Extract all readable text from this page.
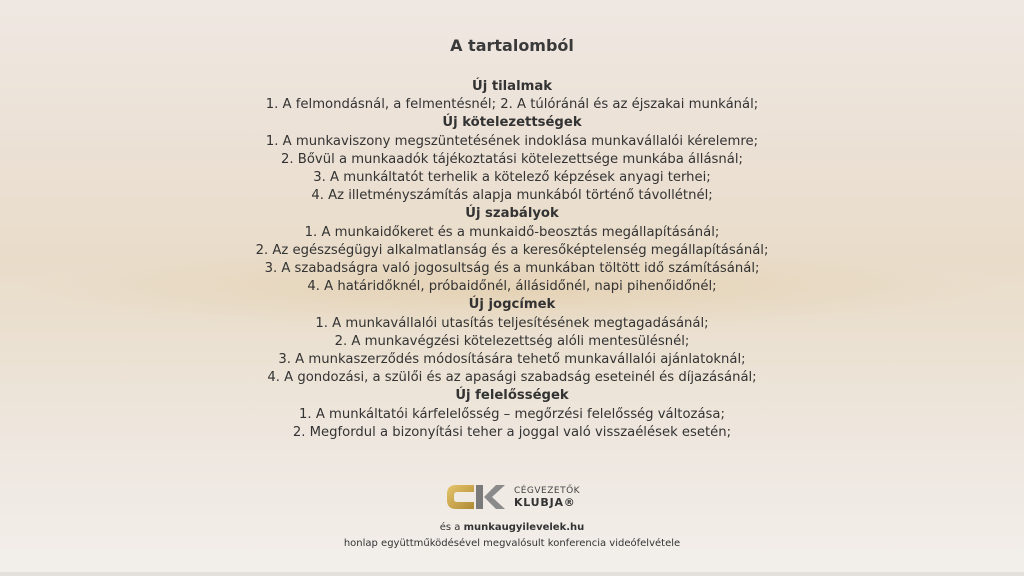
A tartalomból
Új tilalmak
1. A felmondásnál, a felmentésnél; 2. A túlóránál és az éjszakai munkánál;
Új kötelezettségek
1. A munkaviszony megszüntetésének indoklása munkavállalói kérelemre;
2. Bővül a munkaadók tájékoztatási kötelezettsége munkába állásnál;
3. A munkáltatót terhelik a kötelező képzések anyagi terhei;
4. Az illetményszámítás alapja munkából történő távollétnél;
Új szabályok
1. A munkaidőkeret és a munkaidő-beosztás megállapításánál;
2. Az egészségügyi alkalmatlanság és a keresőképtelenség megállapításánál;
3. A szabadságra való jogosultság és a munkában töltött idő számításánál;
4. A határidőknél, próbaidőnél, állásidőnél, napi pihenőidőnél;
Új jogcímek
1. A munkavállalói utasítás teljesítésének megtagadásánál;
2. A munkavégzési kötelezettség alóli mentesülésnél;
3. A munkaszerződés módosítására tehető munkavállalói ajánlatoknál;
4. A gondozási, a szülői és az apasági szabadság eseteinél és díjazásánál;
Új felelősségek
1. A munkáltatói kárfelelősség – megőrzési felelősség változása;
2. Megfordul a bizonyítási teher a joggal való visszaélések esetén;
CÉGVEZETŐK
KLUBJA®
és a munkaugyilevelek.hu
honlap együttműködésével megvalósult konferencia videófelvétele
